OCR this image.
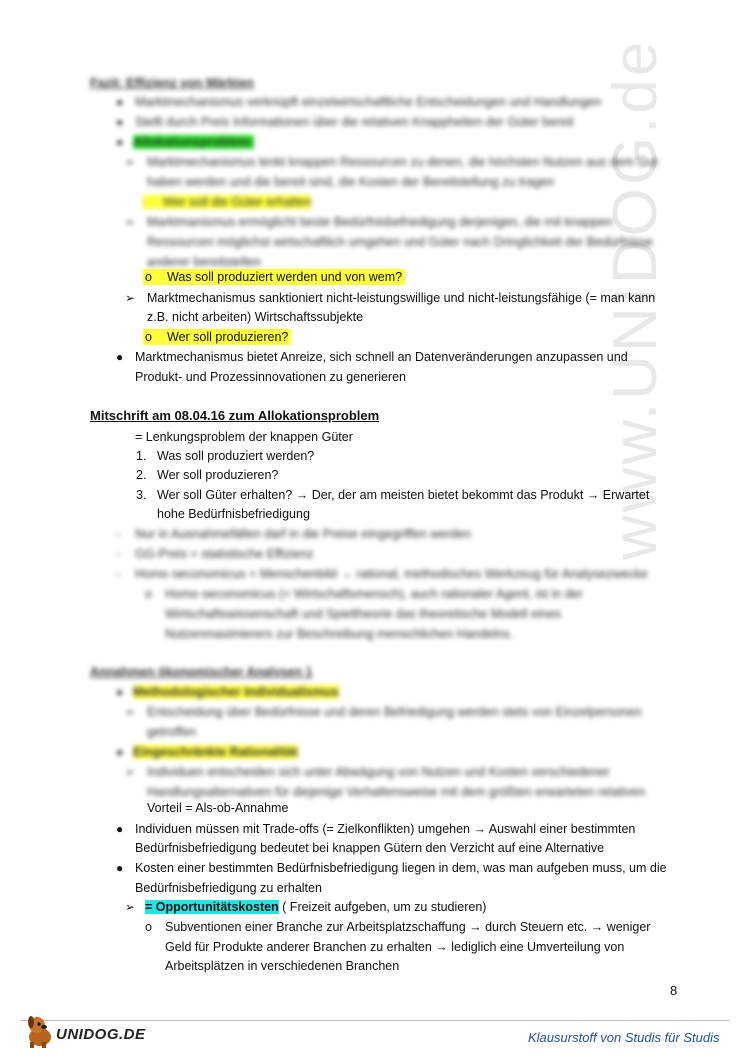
www.UNIDOG.de
Fazit: Effizienz von Märkten
● Marktmechanismus verknüpft einzelwirtschaftliche Entscheidungen und Handlungen
● Stellt durch Preis Informationen über die relativen Knappheiten der Güter bereit
● Allokationsproblem:
➢ Marktmechanismus lenkt knappen Ressourcen zu denen, die höchsten Nutzen aus dem Gut
haben werden und die bereit sind, die Kosten der Bereitstellung zu tragen
Wer soll die Güter erhalten
➢ Marktmanismus ermöglicht beste Bedürfnisbefriedigung derjenigen, die mit knappen
Ressourcen möglichst wirtschaftlich umgehen und Güter nach Dringlichkeit der Bedürfnisse
anderer bereitstellen
o Was soll produziert werden und von wem?
➢ Marktmechanismus sanktioniert nicht-leistungswillige und nicht-leistungsfähige (= man kann
z.B. nicht arbeiten) Wirtschaftssubjekte
o Wer soll produzieren?
● Marktmechanismus bietet Anreize, sich schnell an Datenveränderungen anzupassen und
Produkt- und Prozessinnovationen zu generieren
Mitschrift am 08.04.16 zum Allokationsproblem
= Lenkungsproblem der knappen Güter
1. Was soll produziert werden?
2. Wer soll produzieren?
3. Wer soll Güter erhalten? → Der, der am meisten bietet bekommt das Produkt → Erwartet
hohe Bedürfnisbefriedigung
- Nur in Ausnahmefällen darf in die Preise eingegriffen werden
- GG-Preis = statistische Effizienz
- Homo oeconomicus = Menschenbild → rational, methodisches Werkzeug für Analysezwecke
o Homo oeconomicus (= Wirtschaftsmensch), auch rationaler Agent, ist in der
Wirtschaftswissenschaft und Spieltheorie das theoretische Modell eines
Nutzenmaximierers zur Beschreibung menschlichen Handelns.
Annahmen ökonomischer Analysen 1
● Methodologischer Individualismus
➢ Entscheidung über Bedürfnisse und deren Befriedigung werden stets von Einzelpersonen
getroffen
● Eingeschränkte Rationalität
➢ Individuen entscheiden sich unter Abwägung von Nutzen und Kosten verschiedener
Handlungsalternativen für diejenige Verhaltensweise mit dem größten erwarteten relativen
Vorteil = Als-ob-Annahme
● Individuen müssen mit Trade-offs (= Zielkonflikten) umgehen → Auswahl einer bestimmten
Bedürfnisbefriedigung bedeutet bei knappen Gütern den Verzicht auf eine Alternative
● Kosten einer bestimmten Bedürfnisbefriedigung liegen in dem, was man aufgeben muss, um die
Bedürfnisbefriedigung zu erhalten
➢ = Opportunitätskosten ( Freizeit aufgeben, um zu studieren)
o Subventionen einer Branche zur Arbeitsplatzschaffung → durch Steuern etc. → weniger
Geld für Produkte anderer Branchen zu erhalten → lediglich eine Umverteilung von
Arbeitsplätzen in verschiedenen Branchen
8
UNIDOG.DE	Klausurstoff von Studis für Studis
